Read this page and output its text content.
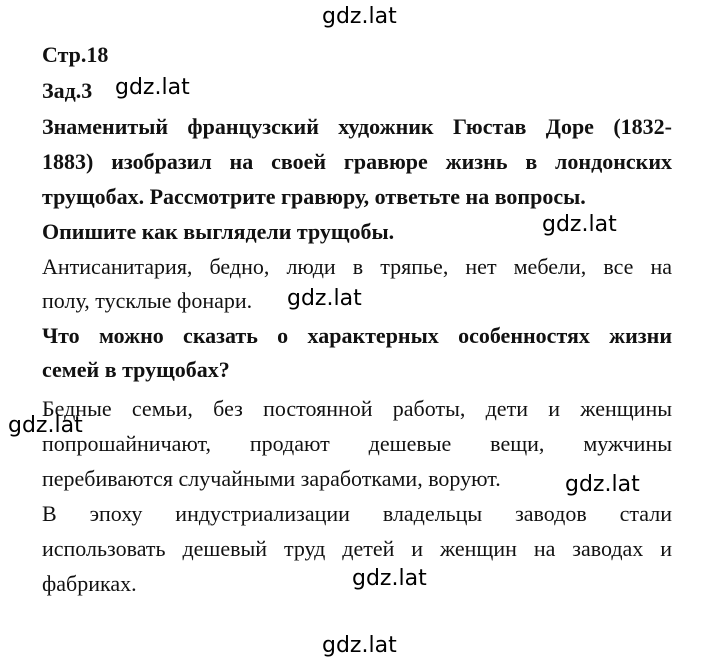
gdz.lat
gdz.lat
gdz.lat
gdz.lat
gdz.lat
gdz.lat
gdz.lat
gdz.lat
Стр.18
Зад.3
Знаменитый французский художник Гюстав Доре (1832-
1883) изобразил на своей гравюре жизнь в лондонских
трущобах. Рассмотрите гравюру, ответьте на вопросы.
Опишите как выглядели трущобы.
Антисанитария, бедно, люди в тряпье, нет мебели, все на
полу, тусклые фонари.
Что можно сказать о характерных особенностях жизни
семей в трущобах?
Бедные семьи, без постоянной работы, дети и женщины
попрошайничают, продают дешевые вещи, мужчины
перебиваются случайными заработками, воруют.
В эпоху индустриализации владельцы заводов стали
использовать дешевый труд детей и женщин на заводах и
фабриках.
